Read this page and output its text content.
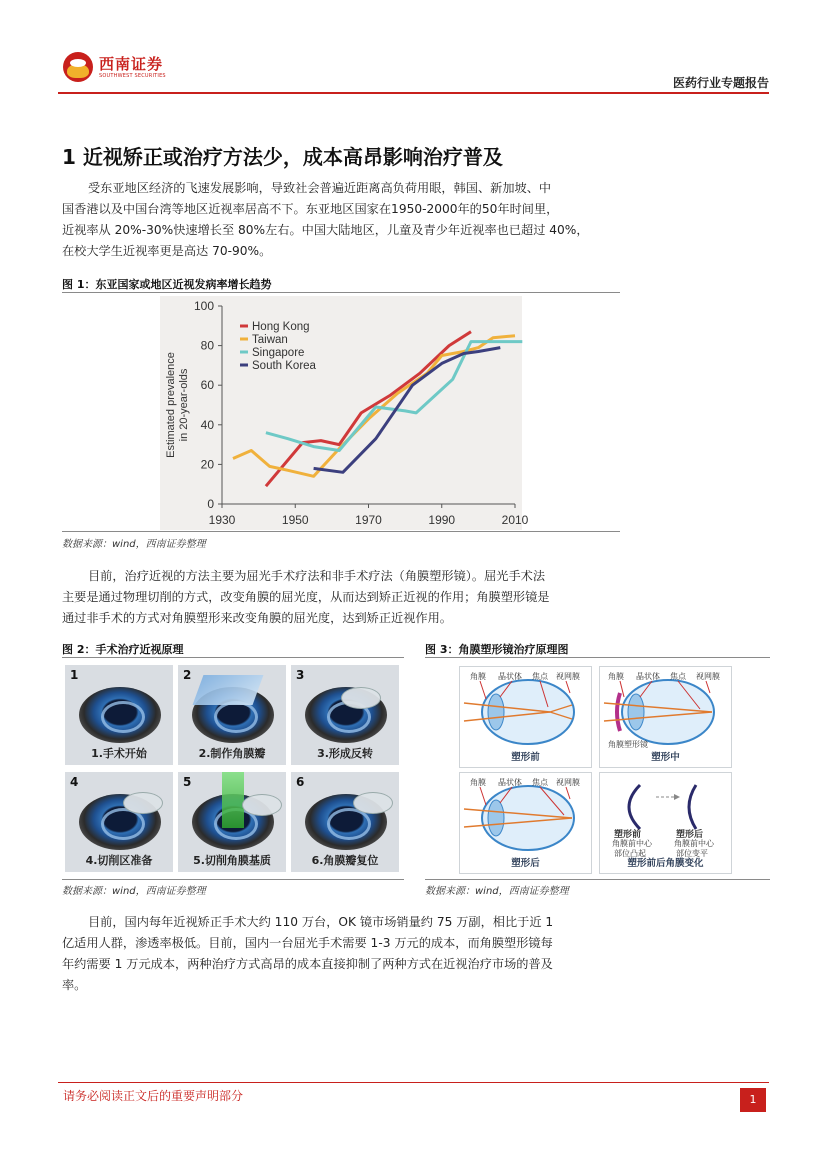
西南证券
SOUTHWEST SECURITIES	医药行业专题报告
1 近视矫正或治疗方法少，成本高昂影响治疗普及
受东亚地区经济的飞速发展影响，导致社会普遍近距离高负荷用眼，韩国、新加坡、中
国香港以及中国台湾等地区近视率居高不下。东亚地区国家在1950-2000年的50年时间里，
近视率从 20%-30%快速增长至 80%左右。中国大陆地区，儿童及青少年近视率也已超过 40%，
在校大学生近视率更是高达 70-90%。
图 1：东亚国家或地区近视发病率增长趋势
0
20
40
60
80
100
1930	1950	1970	1990	2010
Estimated prevalencein 20-year-olds
Hong Kong
Taiwan
Singapore
South Korea
数据来源：wind，西南证券整理
目前，治疗近视的方法主要为屈光手术疗法和非手术疗法（角膜塑形镜）。屈光手术法
主要是通过物理切削的方式，改变角膜的屈光度，从而达到矫正近视的作用；角膜塑形镜是
通过非手术的方式对角膜塑形来改变角膜的屈光度，达到矫正近视作用。
图 2：手术治疗近视原理
1
1.手术开始
2
2.制作角膜瓣
3
3.形成反转
4
4.切削区准备
5
5.切削角膜基质
6
6.角膜瓣复位
数据来源：wind，西南证券整理
图 3：角膜塑形镜治疗原理图
角膜 晶状体 焦点 视网膜
塑形前
角膜 晶状体 焦点 视网膜
角膜塑形镜
塑形中
角膜 晶状体 焦点 视网膜
塑形后
塑形前	塑形后
角膜前中心	角膜前中心
部位凸起	部位变平
塑形前后角膜变化
数据来源：wind，西南证券整理
目前，国内每年近视矫正手术大约 110 万台，OK 镜市场销量约 75 万副，相比于近 1
亿适用人群，渗透率极低。目前，国内一台屈光手术需要 1-3 万元的成本，而角膜塑形镜每
年约需要 1 万元成本，两种治疗方式高昂的成本直接抑制了两种方式在近视治疗市场的普及
率。
请务必阅读正文后的重要声明部分	1
